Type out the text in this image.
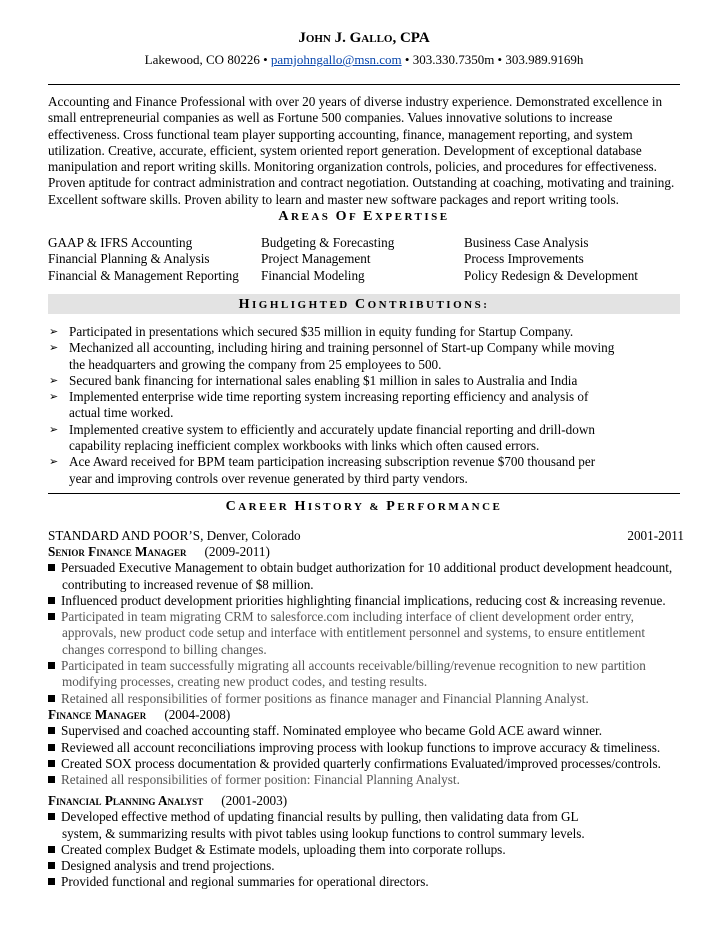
John J. Gallo, CPA
Lakewood, CO 80226 • pamjohngallo@msn.com • 303.330.7350m • 303.989.9169h
Accounting and Finance Professional with over 20 years of diverse industry experience. Demonstrated excellence in
small entrepreneurial companies as well as Fortune 500 companies. Values innovative solutions to increase
effectiveness. Cross functional team player supporting accounting, finance, management reporting, and system
utilization. Creative, accurate, efficient, system oriented report generation. Development of exceptional database
manipulation and report writing skills. Monitoring organization controls, policies, and procedures for effectiveness.
Proven aptitude for contract administration and contract negotiation. Outstanding at coaching, motivating and training.
Excellent software skills. Proven ability to learn and master new software packages and report writing tools.
AREAS OF EXPERTISE
GAAP & IFRS Accounting
Financial Planning & Analysis
Financial & Management Reporting
Budgeting & Forecasting
Project Management
Financial Modeling
Business Case Analysis
Process Improvements
Policy Redesign & Development
HIGHLIGHTED CONTRIBUTIONS:
➢ Participated in presentations which secured $35 million in equity funding for Startup Company.
➢ Mechanized all accounting, including hiring and training personnel of Start-up Company while moving
the headquarters and growing the company from 25 employees to 500.
➢ Secured bank financing for international sales enabling $1 million in sales to Australia and India
➢ Implemented enterprise wide time reporting system increasing reporting efficiency and analysis of
actual time worked.
➢ Implemented creative system to efficiently and accurately update financial reporting and drill-down
capability replacing inefficient complex workbooks with links which often caused errors.
➢ Ace Award received for BPM team participation increasing subscription revenue $700 thousand per
year and improving controls over revenue generated by third party vendors.
CAREER HISTORY & PERFORMANCE
STANDARD AND POOR’S, Denver, Colorado	2001-2011
Senior Finance Manager (2009-2011)
Persuaded Executive Management to obtain budget authorization for 10 additional product development headcount,
contributing to increased revenue of $8 million.
Influenced product development priorities highlighting financial implications, reducing cost & increasing revenue.
Participated in team migrating CRM to salesforce.com including interface of client development order entry,
approvals, new product code setup and interface with entitlement personnel and systems, to ensure entitlement
changes correspond to billing changes.
Participated in team successfully migrating all accounts receivable/billing/revenue recognition to new partition
modifying processes, creating new product codes, and testing results.
Retained all responsibilities of former positions as finance manager and Financial Planning Analyst.
Finance Manager (2004-2008)
Supervised and coached accounting staff. Nominated employee who became Gold ACE award winner.
Reviewed all account reconciliations improving process with lookup functions to improve accuracy & timeliness.
Created SOX process documentation & provided quarterly confirmations Evaluated/improved processes/controls.
Retained all responsibilities of former position: Financial Planning Analyst.
Financial Planning Analyst (2001-2003)
Developed effective method of updating financial results by pulling, then validating data from GL
system, & summarizing results with pivot tables using lookup functions to control summary levels.
Created complex Budget & Estimate models, uploading them into corporate rollups.
Designed analysis and trend projections.
Provided functional and regional summaries for operational directors.
